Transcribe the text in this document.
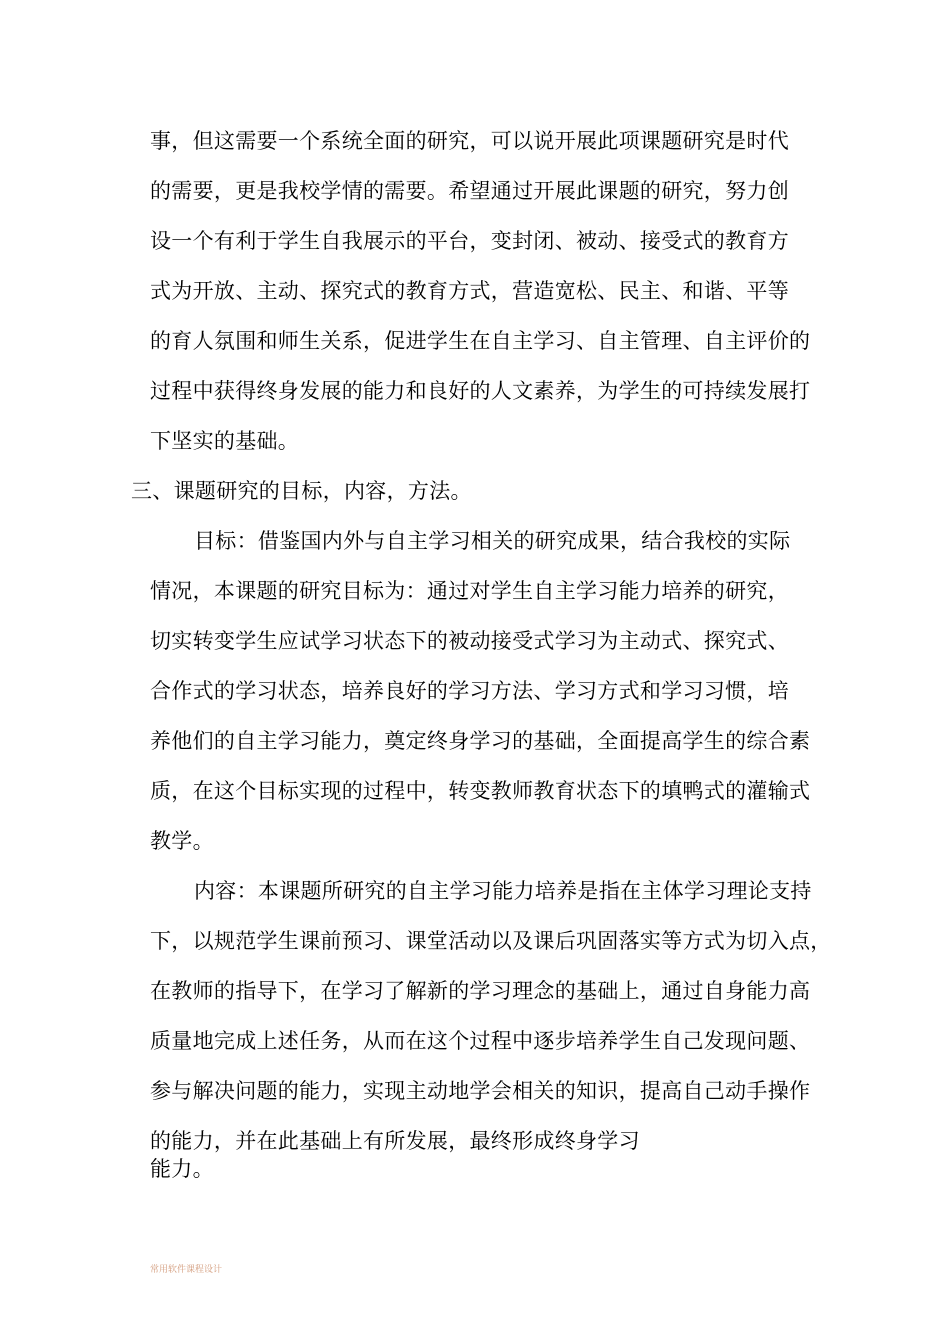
事，但这需要一个系统全面的研究，可以说开展此项课题研究是时代
的需要，更是我校学情的需要。希望通过开展此课题的研究，努力创
设一个有利于学生自我展示的平台，变封闭、被动、接受式的教育方
式为开放、主动、探究式的教育方式，营造宽松、民主、和谐、平等
的育人氛围和师生关系，促进学生在自主学习、自主管理、自主评价的
过程中获得终身发展的能力和良好的人文素养，为学生的可持续发展打
下坚实的基础。
三、课题研究的目标，内容，方法。
目标：借鉴国内外与自主学习相关的研究成果，结合我校的实际
情况，本课题的研究目标为：通过对学生自主学习能力培养的研究，
切实转变学生应试学习状态下的被动接受式学习为主动式、探究式、
合作式的学习状态，培养良好的学习方法、学习方式和学习习惯，培
养他们的自主学习能力，奠定终身学习的基础，全面提高学生的综合素
质，在这个目标实现的过程中，转变教师教育状态下的填鸭式的灌输式
教学。
内容：本课题所研究的自主学习能力培养是指在主体学习理论支持
下，以规范学生课前预习、课堂活动以及课后巩固落实等方式为切入点，
在教师的指导下，在学习了解新的学习理念的基础上，通过自身能力高
质量地完成上述任务，从而在这个过程中逐步培养学生自己发现问题、
参与解决问题的能力，实现主动地学会相关的知识，提高自己动手操作
的能力，并在此基础上有所发展，最终形成终身学习
能力。
常用软件课程设计
